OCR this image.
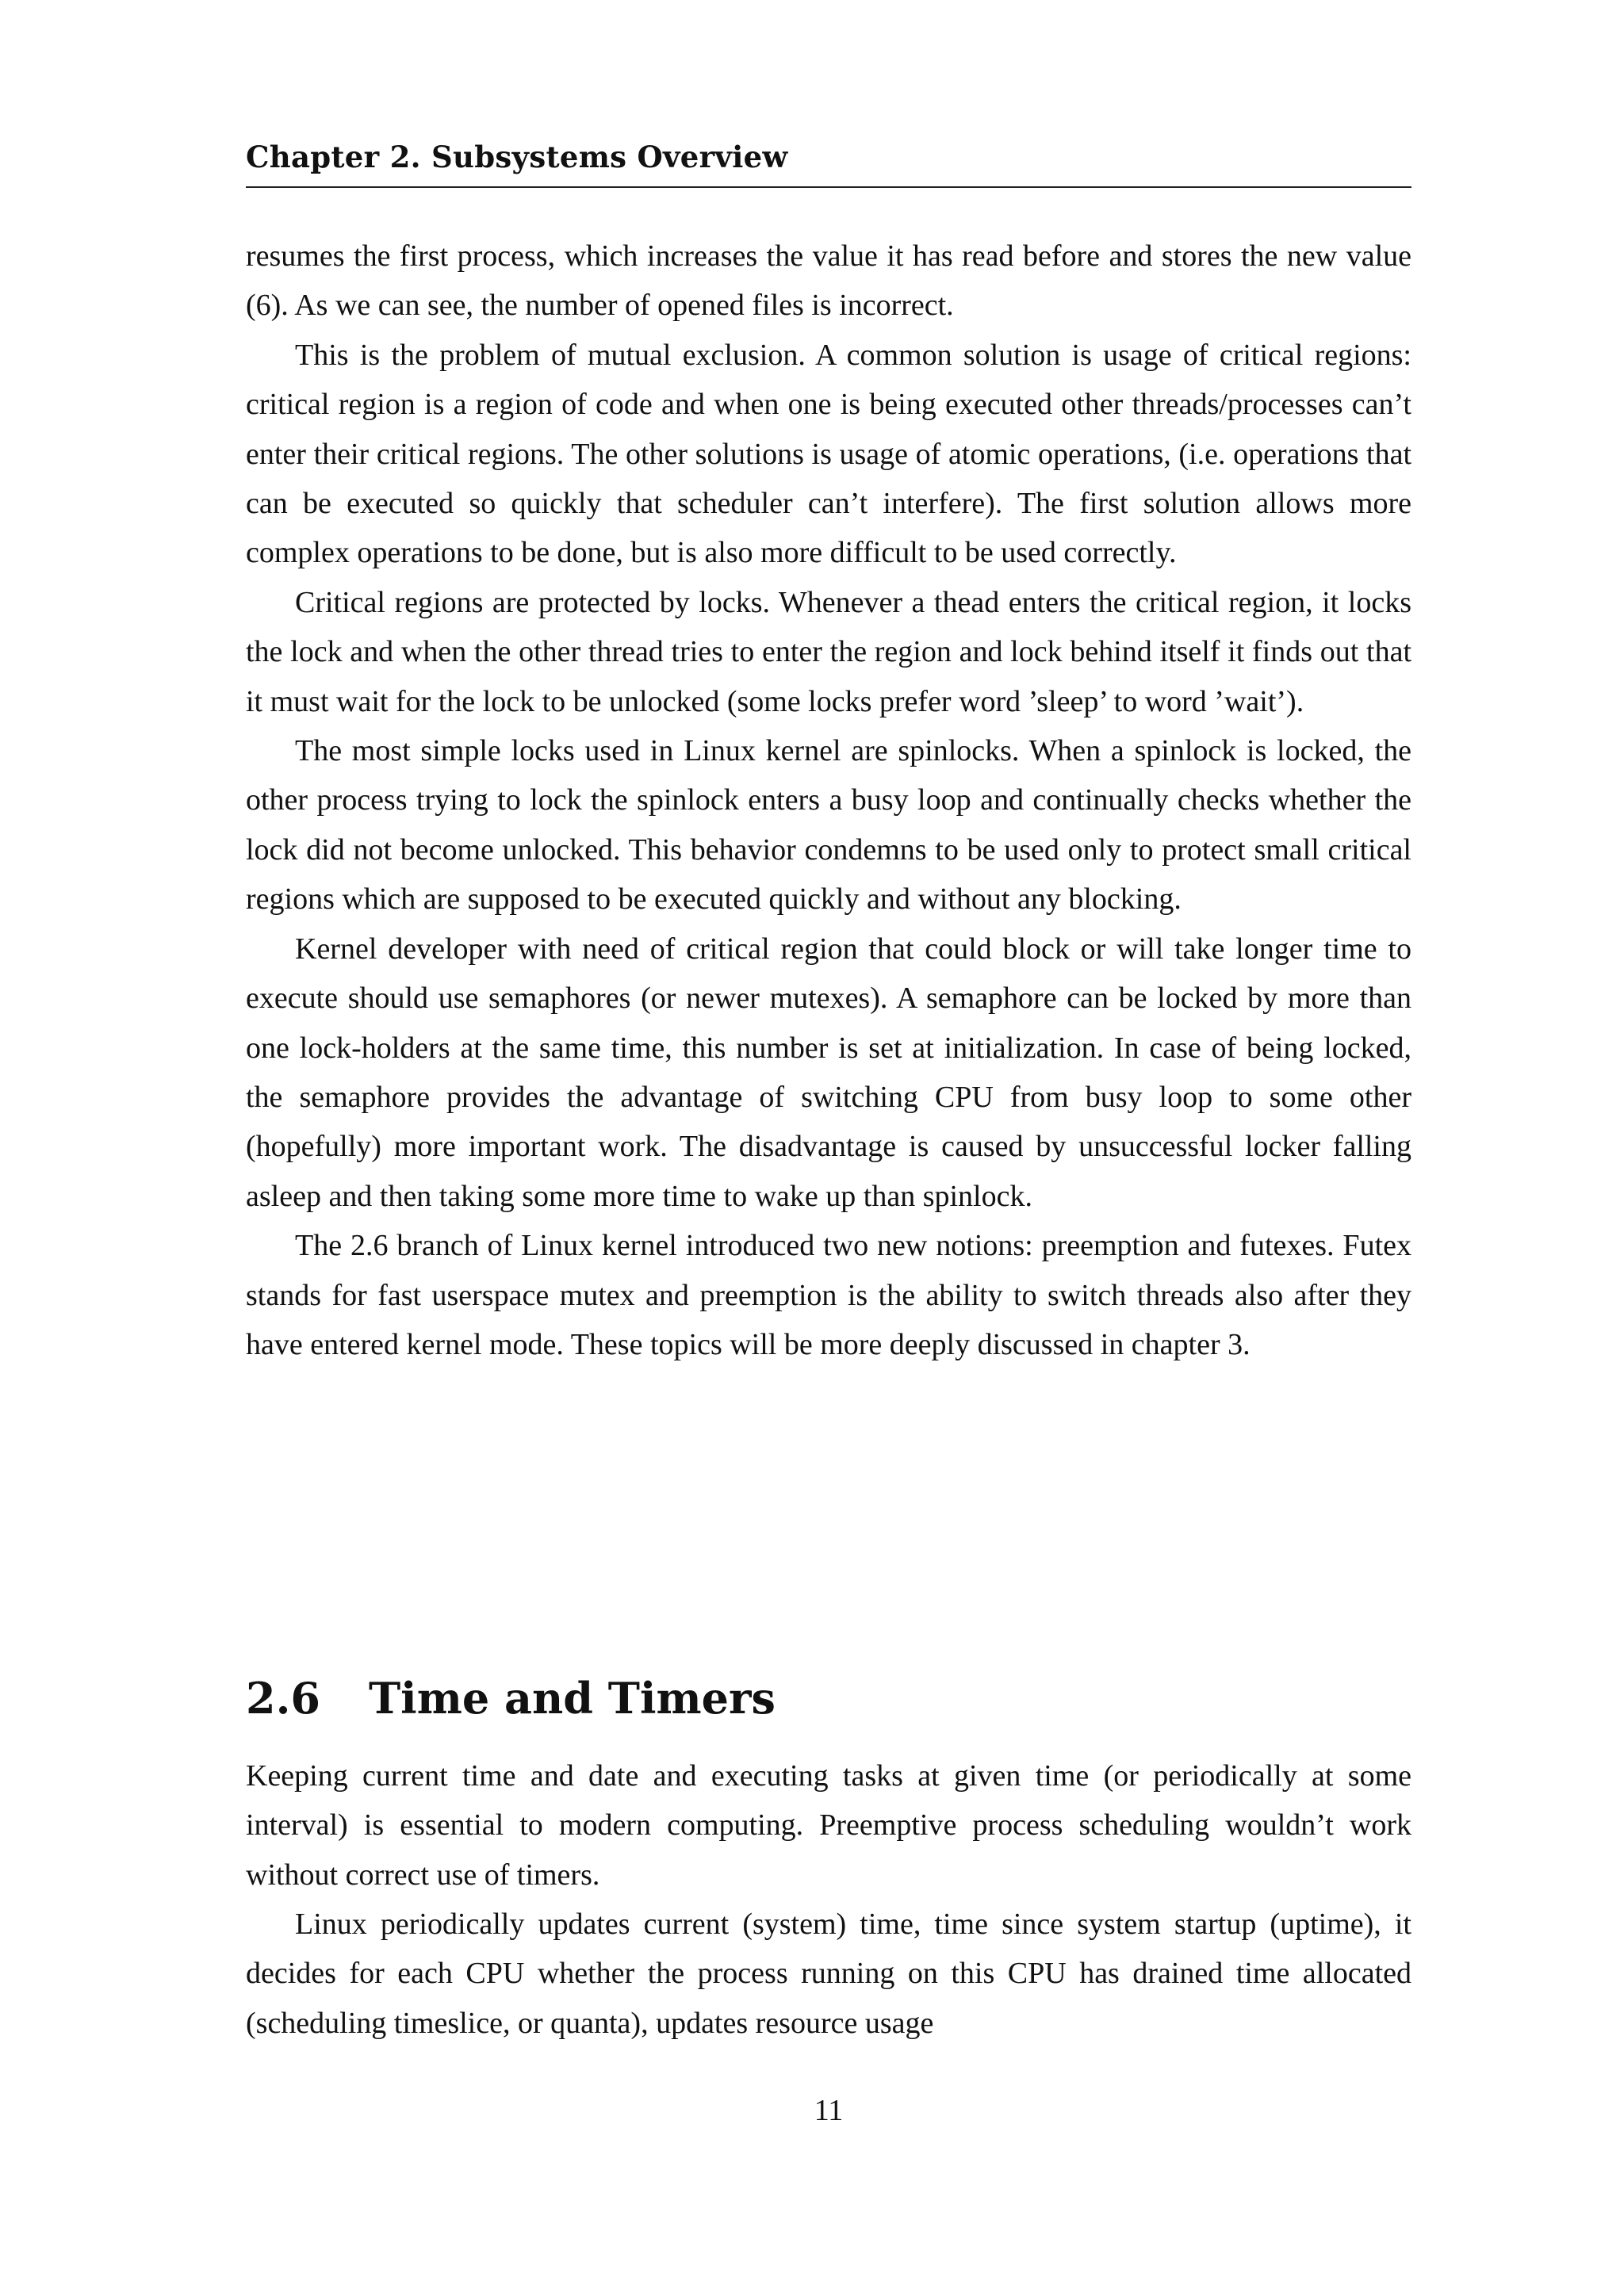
Chapter 2. Subsystems Overview

resumes the first process, which increases the value it has read before and stores the new value (6). As we can see, the number of opened files is incorrect.

This is the problem of mutual exclusion. A common solution is usage of critical regions: critical region is a region of code and when one is being executed other threads/processes can’t enter their critical regions. The other solutions is usage of atomic operations, (i.e. operations that can be executed so quickly that scheduler can’t interfere). The first solution allows more complex operations to be done, but is also more difficult to be used correctly.

Critical regions are protected by locks. Whenever a thead enters the critical region, it locks the lock and when the other thread tries to enter the region and lock behind itself it finds out that it must wait for the lock to be unlocked (some locks prefer word ’sleep’ to word ’wait’).

The most simple locks used in Linux kernel are spinlocks. When a spinlock is locked, the other process trying to lock the spinlock enters a busy loop and continually checks whether the lock did not become unlocked. This behavior condemns to be used only to protect small critical regions which are supposed to be executed quickly and without any blocking.

Kernel developer with need of critical region that could block or will take longer time to execute should use semaphores (or newer mutexes). A semaphore can be locked by more than one lock-holders at the same time, this number is set at initialization. In case of being locked, the semaphore provides the advantage of switching CPU from busy loop to some other (hopefully) more important work. The disadvantage is caused by unsuccessful locker falling asleep and then taking some more time to wake up than spinlock.

The 2.6 branch of Linux kernel introduced two new notions: preemption and futexes. Futex stands for fast userspace mutex and preemption is the ability to switch threads also after they have entered kernel mode. These topics will be more deeply discussed in chapter 3.

2.6 Time and Timers

Keeping current time and date and executing tasks at given time (or periodically at some interval) is essential to modern computing. Preemptive process scheduling wouldn’t work without correct use of timers.

Linux periodically updates current (system) time, time since system startup (uptime), it decides for each CPU whether the process running on this CPU has drained time allocated (scheduling timeslice, or quanta), updates resource usage

11
